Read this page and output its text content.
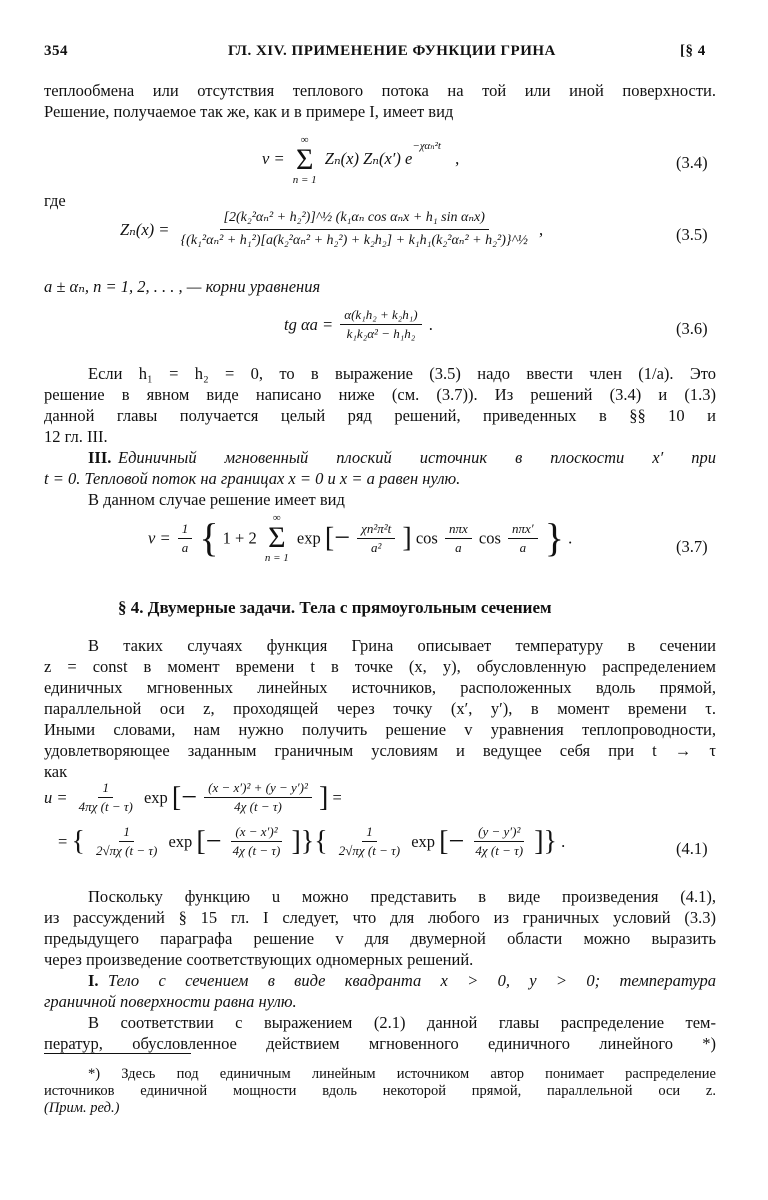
354	ГЛ. XIV. ПРИМЕНЕНИЕ ФУНКЦИИ ГРИНА	[§ 4
теплообмена или отсутствия теплового потока на той или иной поверхности.
Решение, получаемое так же, как и в примере I, имеет вид
v =
∞
Σ
n = 1
Zₙ(x) Zₙ(x′) $e^{-\chi\alpha_n^2t}$ ,	(3.4)
где
Zₙ(x) =
[2(k₂²αₙ² + h₂²)]^½ (k₁αₙ cos αₙx + h₁ sin αₙx)
{(k₁²αₙ² + h₁²)[a(k₂²αₙ² + h₂²) + k₂h₂] + k₁h₁(k₂²αₙ² + h₂²)}^½
,	(3.5)
a ± αₙ, n = 1, 2, . . . , — корни уравнения
tg $\alpha a = \frac{\text{α(k₁h₂ + k₂h₁)}}{\text{k₁k₂α² − h₁h₂}}$ .	(3.6)
Если h₁ = h₂ = 0, то в выражение (3.5) надо ввести член (1/a). Это
решение в явном виде написано ниже (см. (3.7)). Из решений (3.4) и (1.3)
данной главы получается целый ряд решений, приведенных в §§ 10 и
12 гл. III.
III. Единичный мгновенный плоский источник в плоскости x′ при
t = 0. Тепловой поток на границах x = 0 и x = a равен нулю.
В данном случае решение имеет вид
$v = \frac{1}{a}$ { 1 + 2
∞
Σ
n = 1
exp [− $\frac{\text{χn²π²t}}{\text{a²}}$ ] $\cos \frac{\text{nπx}}{a}$ $\cos \frac{\text{nπx′}}{a}$ } .	(3.7)
§ 4. Двумерные задачи. Тела с прямоугольным сечением
В таких случаях функция Грина описывает температуру в сечении
z = const в момент времени t в точке (x, y), обусловленную распределением
единичных мгновенных линейных источников, расположенных вдоль прямой,
параллельной оси z, проходящей через точку (x′, y′), в момент времени τ.
Иными словами, нам нужно получить решение v уравнения теплопроводности,
удовлетворяющее заданным граничным условиям и ведущее себя при t → τ
как
$u = \frac{1}{4\pi\chi (t - \tau)}$ exp [− $\frac{\text{(x − x′)² + (y − y′)²}}{4\chi (t - \tau)}$ ] =
= { $\frac{1}{2√\pi\chi (t - \tau)}$ exp [− $\frac{\text{(x − x′)²}}{4\chi (t - \tau)}$ ]}{ $\frac{1}{2√\pi\chi (t - \tau)}$ exp [− $\frac{\text{(y − y′)²}}{4\chi (t - \tau)}$ ]} .	(4.1)
Поскольку функцию u можно представить в виде произведения (4.1),
из рассуждений § 15 гл. I следует, что для любого из граничных условий (3.3)
предыдущего параграфа решение v для двумерной области можно выразить
через произведение соответствующих одномерных решений.
I. Тело с сечением в виде квадранта x > 0, y > 0; температура
граничной поверхности равна нулю.
В соответствии с выражением (2.1) данной главы распределение тем-
ператур, обусловленное действием мгновенного единичного линейного *)
*) Здесь под единичным линейным источником автор понимает распределение
источников единичной мощности вдоль некоторой прямой, параллельной оси z.
(Прим. ред.)
